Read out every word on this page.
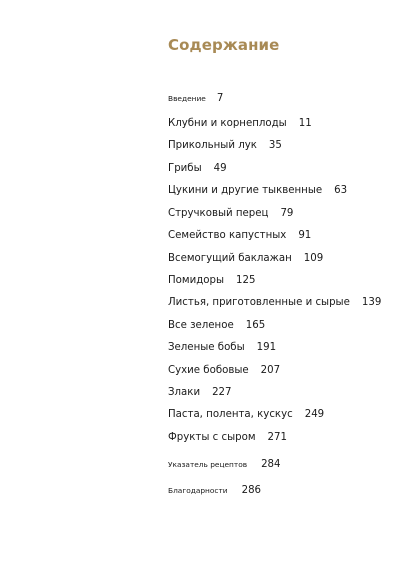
Содержание
Введение 7
Клубни и корнеплоды 11
Прикольный лук 35
Грибы 49
Цукини и другие тыквенные 63
Стручковый перец 79
Семейство капустных 91
Всемогущий баклажан 109
Помидоры 125
Листья, приготовленные и сырые 139
Все зеленое 165
Зеленые бобы 191
Сухие бобовые 207
Злаки 227
Паста, полента, кускус 249
Фрукты с сыром 271
Указатель рецептов 284
Благодарности 286
